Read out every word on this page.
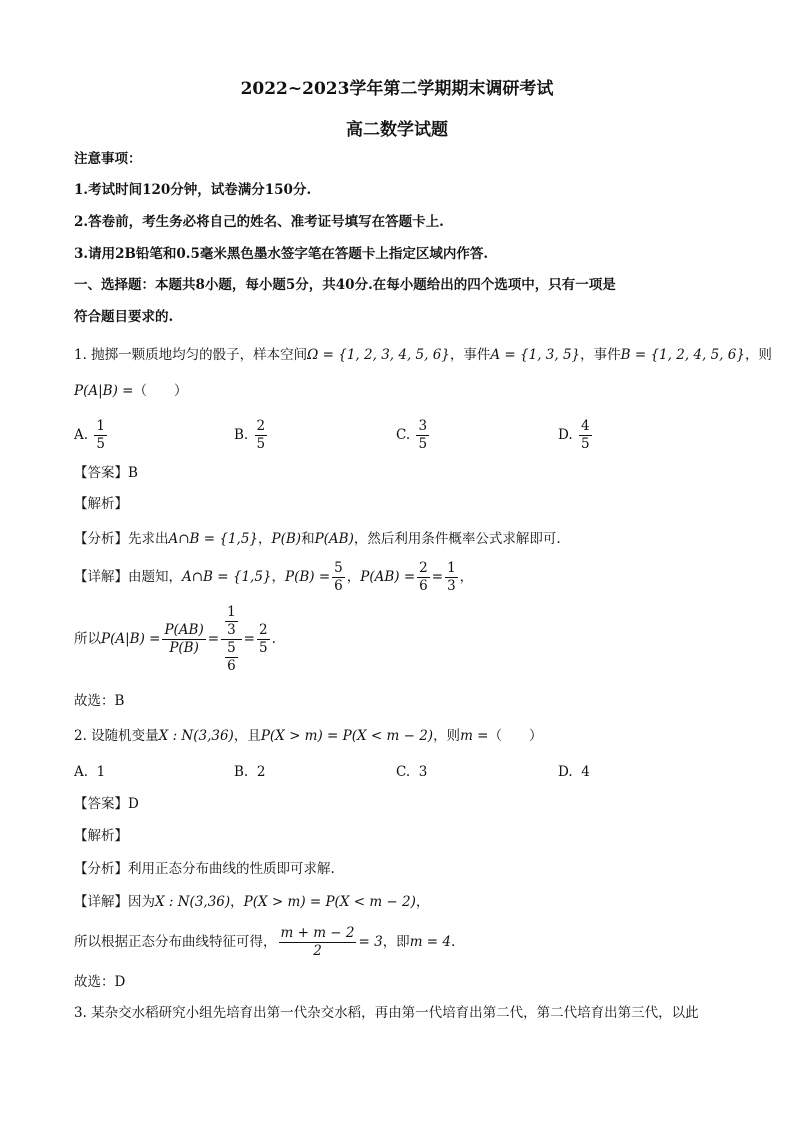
2022~2023学年第二学期期末调研考试
高二数学试题
注意事项：
1.考试时间120分钟，试卷满分150分.
2.答卷前，考生务必将自己的姓名、准考证号填写在答题卡上.
3.请用2B铅笔和0.5毫米黑色墨水签字笔在答题卡上指定区域内作答.
一、选择题：本题共8小题，每小题5分，共40分.在每小题给出的四个选项中，只有一项是
符合题目要求的.
1. 抛掷一颗质地均匀的骰子，样本空间Ω = {1, 2, 3, 4, 5, 6}，事件A = {1, 3, 5}，事件B = {1, 2, 4, 5, 6}，则
P(A|B) =（　　）
A. $\frac{1}{5}$	B. $\frac{2}{5}$	C. $\frac{3}{5}$	D. $\frac{4}{5}$
【答案】B
【解析】
【分析】先求出A∩B = {1,5}，P(B)和P(AB)，然后利用条件概率公式求解即可.
【详解】由题知，A∩B = {1,5}，$P(B) = \frac{5}{6}$ ，$P(AB) = \frac{2}{6} = \frac{1}{3}$ ，
所以$P(A|B) = \frac{P(AB)}{P(B)} = \frac{\frac{1}{3}}{\frac{5}{6}} = \frac{2}{5}$ .
故选：B
2. 设随机变量X : N(3,36)，且P(X > m) = P(X < m − 2)，则m =（　　）
A. 1	B. 2	C. 3	D. 4
【答案】D
【解析】
【分析】利用正态分布曲线的性质即可求解.
【详解】因为X : N(3,36)，P(X > m) = P(X < m − 2)，
所以根据正态分布曲线特征可得， $\frac{m + m - 2}{2} = 3$，即m = 4.
故选：D
3. 某杂交水稻研究小组先培育出第一代杂交水稻，再由第一代培育出第二代，第二代培育出第三代，以此
